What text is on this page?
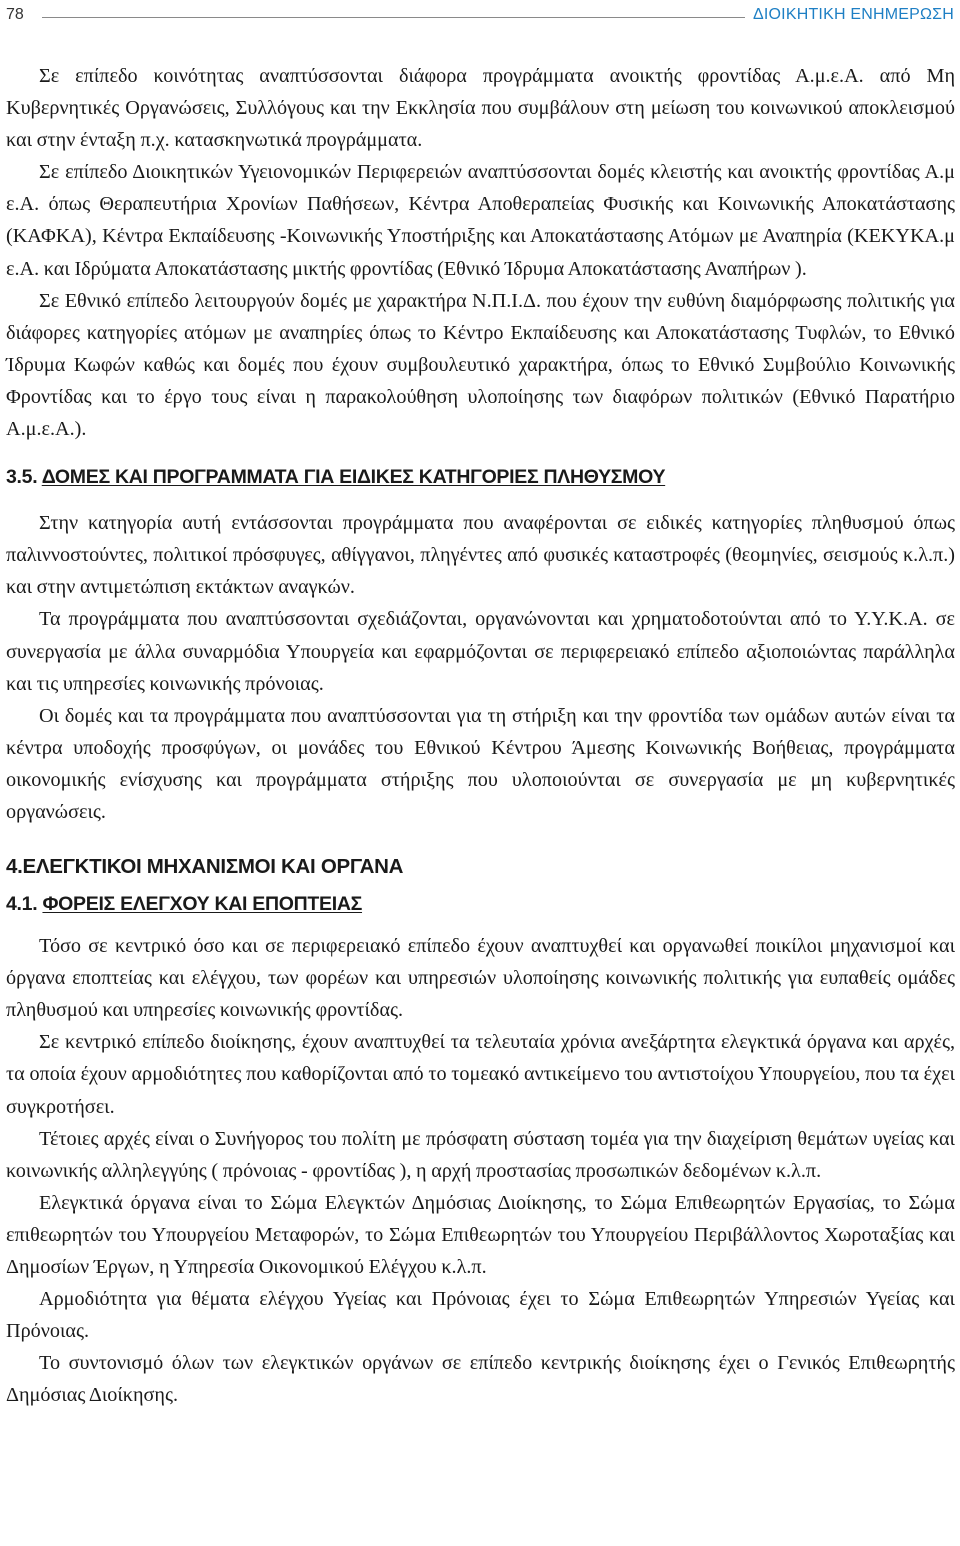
78	ΔΙΟΙΚΗΤΙΚΗ ΕΝΗΜΕΡΩΣΗ

Σε επίπεδο κοινότητας αναπτύσσονται διάφορα προγράμματα ανοικτής φροντίδας Α.μ.ε.Α. από Μη Κυβερνητικές Οργανώσεις, Συλλόγους και την Εκκλησία που συμβάλουν στη μείωση του κοινωνικού αποκλεισμού και στην ένταξη π.χ. κατασκηνωτικά προγράμματα.

Σε επίπεδο Διοικητικών Υγειονομικών Περιφερειών αναπτύσσονται δομές κλειστής και ανοικτής φροντίδας Α.μ ε.Α. όπως Θεραπευτήρια Χρονίων Παθήσεων, Κέντρα Αποθεραπείας Φυσικής και Κοινωνικής Αποκατάστασης (ΚΑΦΚΑ), Κέντρα Εκπαίδευσης -Κοινωνικής Υποστήριξης και Αποκατάστασης Ατόμων με Αναπηρία (ΚΕΚΥΚΑ.μ ε.Α. και Ιδρύματα Αποκατάστασης μικτής φροντίδας (Εθνικό Ίδρυμα Αποκατάστασης Αναπήρων ).

Σε Εθνικό επίπεδο λειτουργούν δομές με χαρακτήρα Ν.Π.Ι.Δ. που έχουν την ευθύνη διαμόρφωσης πολιτικής για διάφορες κατηγορίες ατόμων με αναπηρίες όπως το Κέντρο Εκπαίδευσης και Αποκατάστασης Τυφλών, το Εθνικό Ίδρυμα Κωφών καθώς και δομές που έχουν συμβουλευτικό χαρακτήρα, όπως το Εθνικό Συμβούλιο Κοινωνικής Φροντίδας και το έργο τους είναι η παρακολούθηση υλοποίησης των διαφόρων πολιτικών (Εθνικό Παρατήριο Α.μ.ε.Α.).

3.5. ΔΟΜΕΣ ΚΑΙ ΠΡΟΓΡΑΜΜΑΤΑ ΓΙΑ ΕΙΔΙΚΕΣ ΚΑΤΗΓΟΡΙΕΣ ΠΛΗΘΥΣΜΟΥ

Στην κατηγορία αυτή εντάσσονται προγράμματα που αναφέρονται σε ειδικές κατηγορίες πληθυσμού όπως παλιννοστούντες, πολιτικοί πρόσφυγες, αθίγγανοι, πληγέντες από φυσικές καταστροφές (θεομηνίες, σεισμούς κ.λ.π.) και στην αντιμετώπιση εκτάκτων αναγκών.

Τα προγράμματα που αναπτύσσονται σχεδιάζονται, οργανώνονται και χρηματοδοτούνται από το Υ.Υ.Κ.Α. σε συνεργασία με άλλα συναρμόδια Υπουργεία και εφαρμόζονται σε περιφερειακό επίπεδο αξιοποιώντας παράλληλα και τις υπηρεσίες κοινωνικής πρόνοιας.

Οι δομές και τα προγράμματα που αναπτύσσονται για τη στήριξη και την φροντίδα των ομάδων αυτών είναι τα κέντρα υποδοχής προσφύγων, οι μονάδες του Εθνικού Κέντρου Άμεσης Κοινωνικής Βοήθειας, προγράμματα οικονομικής ενίσχυσης και προγράμματα στήριξης που υλοποιούνται σε συνεργασία με μη κυβερνητικές οργανώσεις.

4.ΕΛΕΓΚΤΙΚΟΙ ΜΗΧΑΝΙΣΜΟΙ ΚΑΙ ΟΡΓΑΝΑ
4.1. ΦΟΡΕΙΣ ΕΛΕΓΧΟΥ ΚΑΙ ΕΠΟΠΤΕΙΑΣ

Τόσο σε κεντρικό όσο και σε περιφερειακό επίπεδο έχουν αναπτυχθεί και οργανωθεί ποικίλοι μηχανισμοί και όργανα εποπτείας και ελέγχου, των φορέων και υπηρεσιών υλοποίησης κοινωνικής πολιτικής για ευπαθείς ομάδες πληθυσμού και υπηρεσίες κοινωνικής φροντίδας.

Σε κεντρικό επίπεδο διοίκησης, έχουν αναπτυχθεί τα τελευταία χρόνια ανεξάρτητα ελεγκτικά όργανα και αρχές, τα οποία έχουν αρμοδιότητες που καθορίζονται από το τομεακό αντικείμενο του αντιστοίχου Υπουργείου, που τα έχει συγκροτήσει.

Τέτοιες αρχές είναι ο Συνήγορος του πολίτη με πρόσφατη σύσταση τομέα για την διαχείριση θεμάτων υγείας και κοινωνικής αλληλεγγύης ( πρόνοιας - φροντίδας ), η αρχή προστασίας προσωπικών δεδομένων κ.λ.π.

Ελεγκτικά όργανα είναι το Σώμα Ελεγκτών Δημόσιας Διοίκησης, το Σώμα Επιθεωρητών Εργασίας, το Σώμα επιθεωρητών του Υπουργείου Μεταφορών, το Σώμα Επιθεωρητών του Υπουργείου Περιβάλλοντος Χωροταξίας και Δημοσίων Έργων, η Υπηρεσία Οικονομικού Ελέγχου κ.λ.π.

Αρμοδιότητα για θέματα ελέγχου Υγείας και Πρόνοιας έχει το Σώμα Επιθεωρητών Υπηρεσιών Υγείας και Πρόνοιας.

Το συντονισμό όλων των ελεγκτικών οργάνων σε επίπεδο κεντρικής διοίκησης έχει ο Γενικός Επιθεωρητής Δημόσιας Διοίκησης.
